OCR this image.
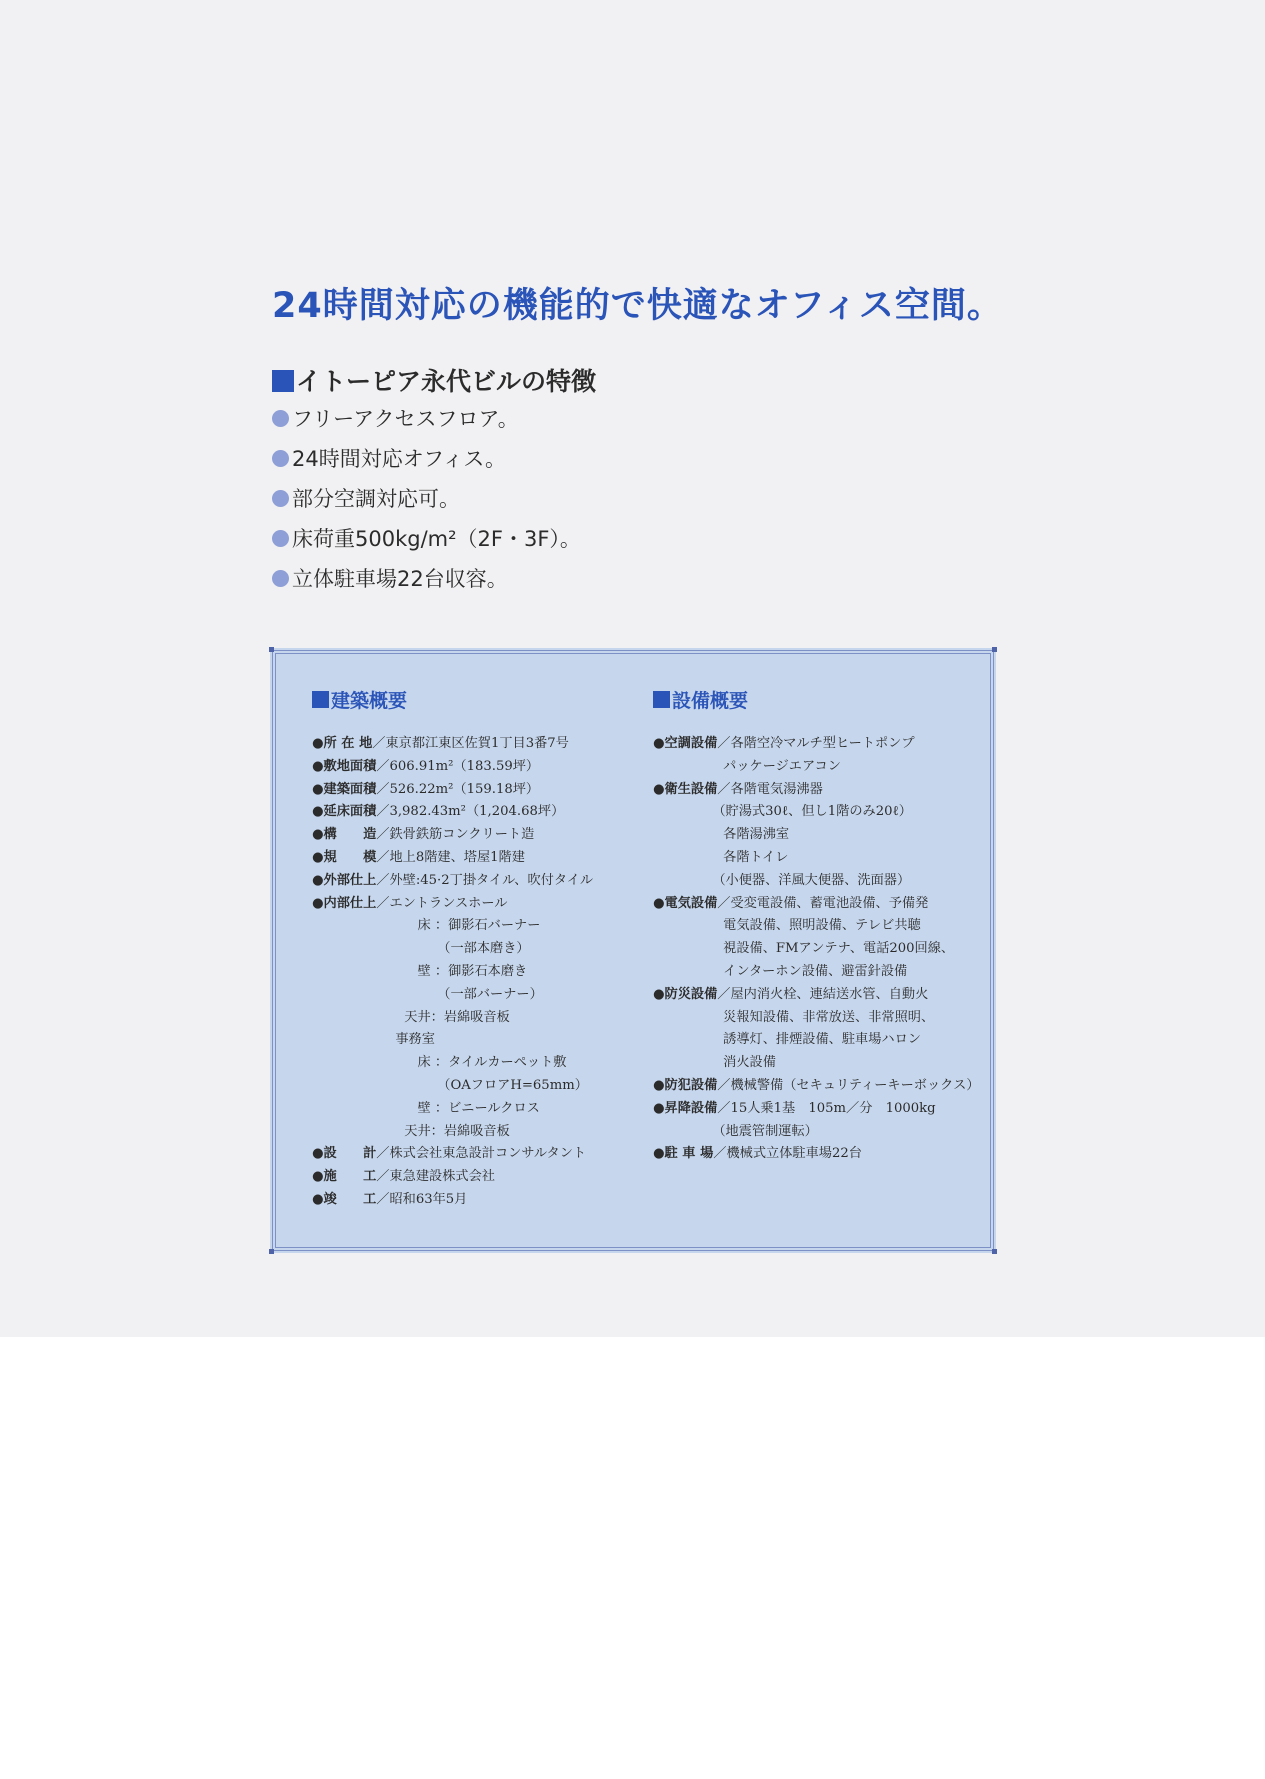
24時間対応の機能的で快適なオフィス空間。
イトーピア永代ビルの特徴
フリーアクセスフロア。
24時間対応オフィス。
部分空調対応可。
床荷重500kg/m²（2F・3F）。
立体駐車場22台収容。
建築概要
●所 在 地／東京都江東区佐賀1丁目3番7号
●敷地面積／606.91m²（183.59坪）
●建築面積／526.22m²（159.18坪）
●延床面積／3,982.43m²（1,204.68坪）
●構　　造／鉄骨鉄筋コンクリート造
●規　　模／地上8階建、塔屋1階建
●外部仕上／外壁:45·2丁掛タイル、吹付タイル
●内部仕上／エントランスホール
　　　　　　　　床 ：御影石バーナー
　　　　　　　　　　（一部本磨き）
　　　　　　　　壁 ：御影石本磨き
　　　　　　　　　　（一部バーナー）
　　　　　　　天井：岩綿吸音板
　　　　　　 事務室
　　　　　　　　床 ：タイルカーペット敷
　　　　　　　　　　（OAフロアH=65mm）
　　　　　　　　壁 ：ビニールクロス
　　　　　　　天井：岩綿吸音板
●設　　計／株式会社東急設計コンサルタント
●施　　工／東急建設株式会社
●竣　　工／昭和63年5月
設備概要
●空調設備／各階空冷マルチ型ヒートポンプ
　　　　　 パッケージエアコン
●衛生設備／各階電気湯沸器
　　　　　（貯湯式30ℓ、但し1階のみ20ℓ）
　　　　　 各階湯沸室
　　　　　 各階トイレ
　　　　　（小便器、洋風大便器、洗面器）
●電気設備／受変電設備、蓄電池設備、予備発
　　　　　 電気設備、照明設備、テレビ共聴
　　　　　 視設備、FMアンテナ、電話200回線、
　　　　　 インターホン設備、避雷針設備
●防災設備／屋内消火栓、連結送水管、自動火
　　　　　 災報知設備、非常放送、非常照明、
　　　　　 誘導灯、排煙設備、駐車場ハロン
　　　　　 消火設備
●防犯設備／機械警備（セキュリティーキーボックス）
●昇降設備／15人乗1基　105m／分　1000kg
　　　　　（地震管制運転）
●駐 車 場／機械式立体駐車場22台
